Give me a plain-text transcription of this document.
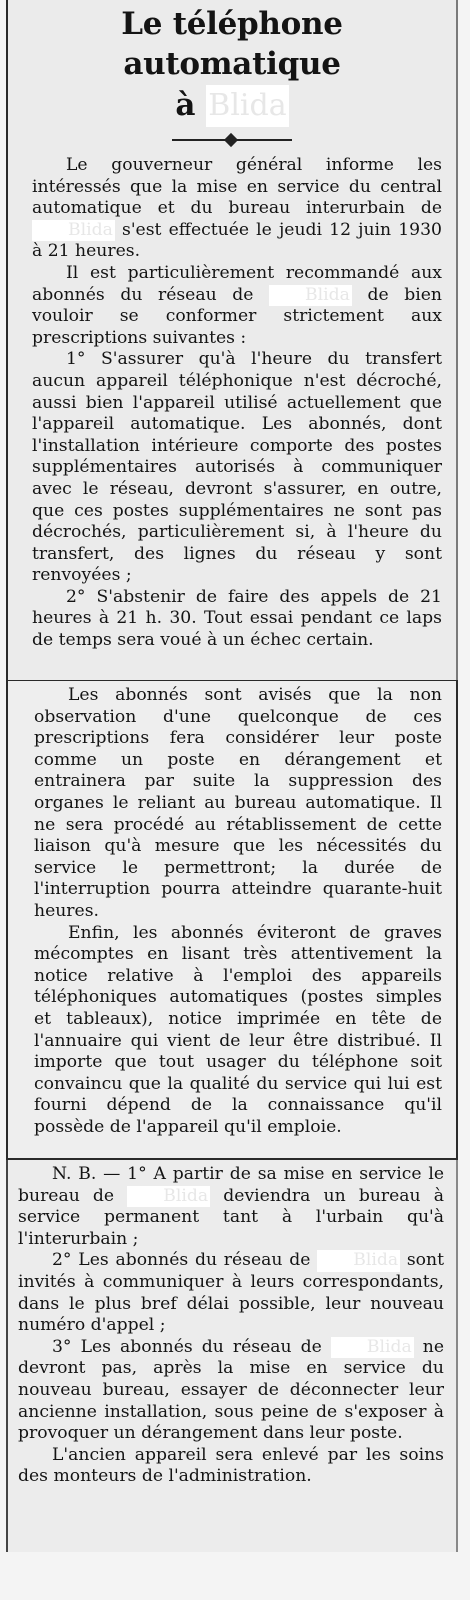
Le téléphone automatique
à Blida

Le gouverneur général informe les intéressés que la mise en service du central automatique et du bureau interurbain de Blida s'est effectuée le jeudi 12 juin 1930 à 21 heures.

Il est particulièrement recommandé aux abonnés du réseau de	Blida de bien vouloir se conformer strictement aux prescriptions suivantes :

1° S'assurer qu'à l'heure du transfert aucun appareil téléphonique n'est décroché, aussi bien l'appareil utilisé actuellement que l'appareil automatique. Les abonnés, dont l'installation intérieure comporte des postes supplémentaires autorisés à communiquer avec le réseau, devront s'assurer, en outre, que ces postes supplémentaires ne sont pas décrochés, particulièrement si, à l'heure du transfert, des lignes du réseau y sont renvoyées ;

2° S'abstenir de faire des appels de 21 heures à 21 h. 30. Tout essai pendant ce laps de temps sera voué à un échec certain.

Les abonnés sont avisés que la non observation d'une quelconque de ces prescriptions fera considérer leur poste comme un poste en dérangement et entrainera par suite la suppression des organes le reliant au bureau automatique. Il ne sera procédé au rétablissement de cette liaison qu'à mesure que les nécessités du service le permettront; la durée de l'interruption pourra atteindre quarante-huit heures.

Enfin, les abonnés éviteront de graves mécomptes en lisant très attentivement la notice relative à l'emploi des appareils téléphoniques automatiques (postes simples et tableaux), notice imprimée en tête de l'annuaire qui vient de leur être distribué. Il importe que tout usager du téléphone soit convaincu que la qualité du service qui lui est fourni dépend de la connaissance qu'il possède de l'appareil qu'il emploie.

N. B. — 1° A partir de sa mise en service le bureau de	Blida deviendra un bureau à service permanent tant à l'urbain qu'à l'interurbain ;

2° Les abonnés du réseau de Blida sont invités à communiquer à leurs correspondants, dans le plus bref délai possible, leur nouveau numéro d'appel ;

3° Les abonnés du réseau de	Blida ne devront pas, après la mise en service du nouveau bureau, essayer de déconnecter leur ancienne installation, sous peine de s'exposer à provoquer un dérangement dans leur poste.

L'ancien appareil sera enlevé par les soins des monteurs de l'administration.
